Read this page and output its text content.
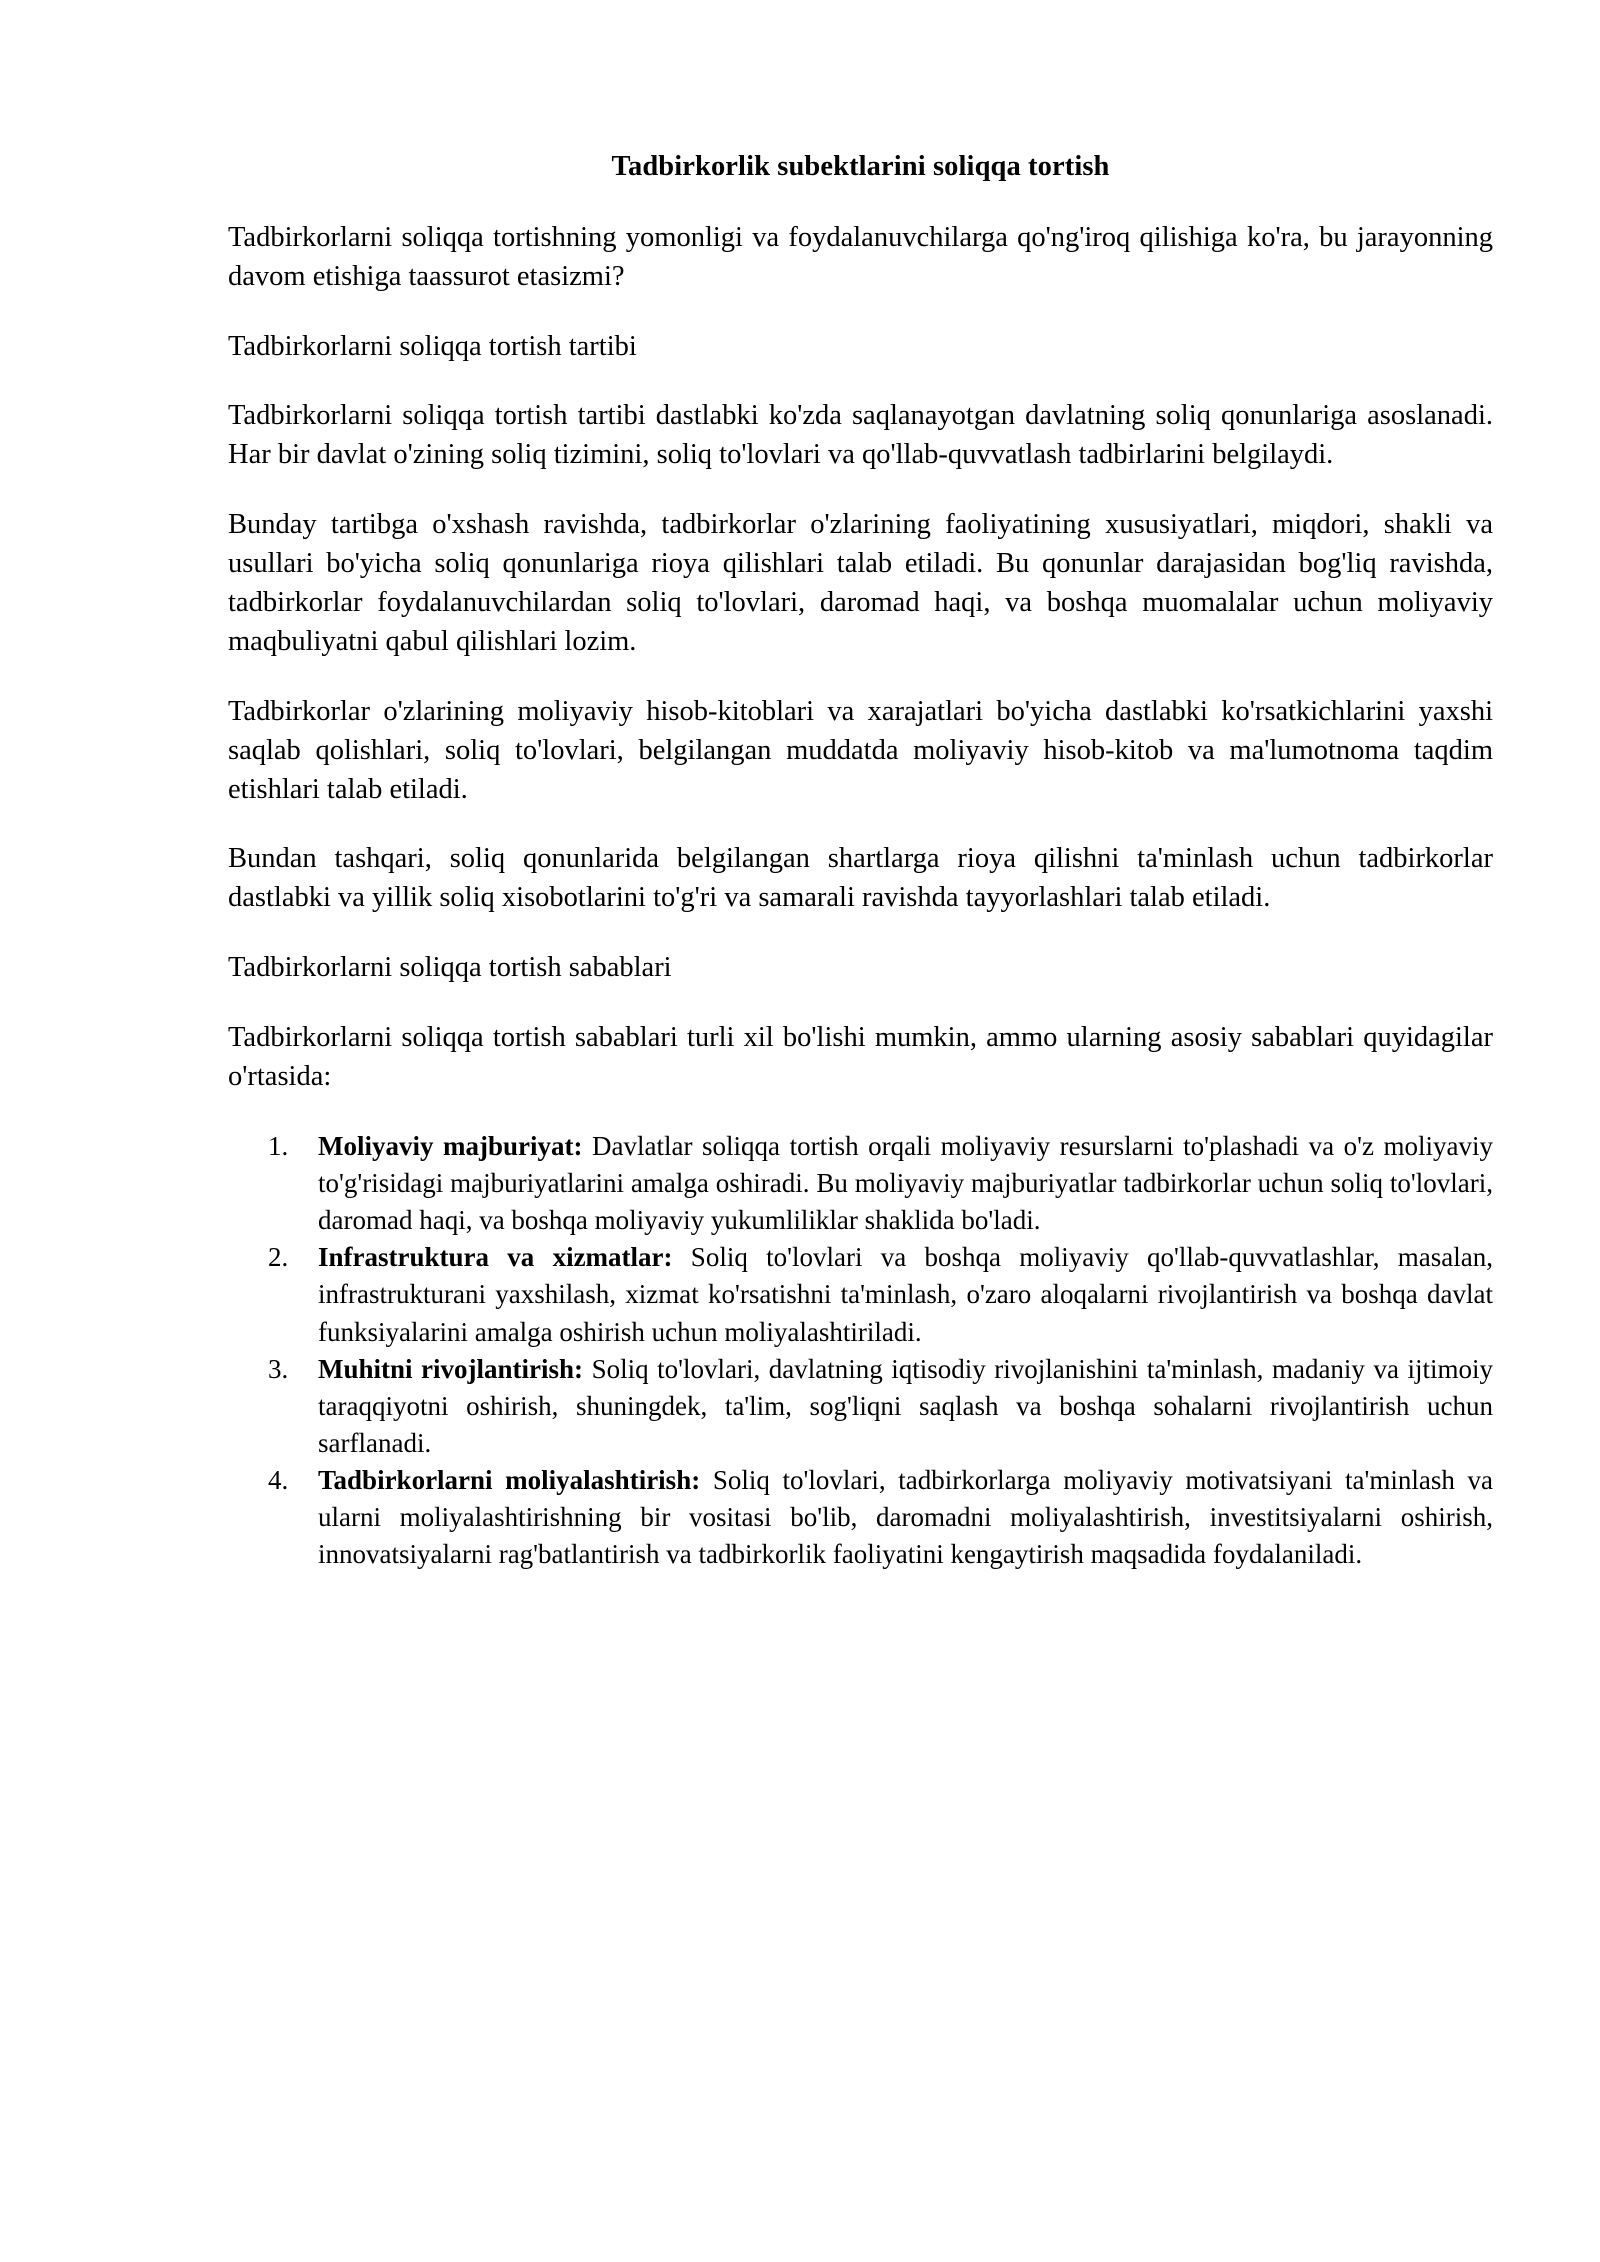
Tadbirkorlik subektlarini soliqqa tortish

Tadbirkorlarni soliqqa tortishning yomonligi va foydalanuvchilarga qo'ng'iroq qilishiga ko'ra, bu jarayonning davom etishiga taassurot etasizmi?

Tadbirkorlarni soliqqa tortish tartibi

Tadbirkorlarni soliqqa tortish tartibi dastlabki ko'zda saqlanayotgan davlatning soliq qonunlariga asoslanadi. Har bir davlat o'zining soliq tizimini, soliq to'lovlari va qo'llab-quvvatlash tadbirlarini belgilaydi.

Bunday tartibga o'xshash ravishda, tadbirkorlar o'zlarining faoliyatining xususiyatlari, miqdori, shakli va usullari bo'yicha soliq qonunlariga rioya qilishlari talab etiladi. Bu qonunlar darajasidan bog'liq ravishda, tadbirkorlar foydalanuvchilardan soliq to'lovlari, daromad haqi, va boshqa muomalalar uchun moliyaviy maqbuliyatni qabul qilishlari lozim.

Tadbirkorlar o'zlarining moliyaviy hisob-kitoblari va xarajatlari bo'yicha dastlabki ko'rsatkichlarini yaxshi saqlab qolishlari, soliq to'lovlari, belgilangan muddatda moliyaviy hisob-kitob va ma'lumotnoma taqdim etishlari talab etiladi.

Bundan tashqari, soliq qonunlarida belgilangan shartlarga rioya qilishni ta'minlash uchun tadbirkorlar dastlabki va yillik soliq xisobotlarini to'g'ri va samarali ravishda tayyorlashlari talab etiladi.

Tadbirkorlarni soliqqa tortish sabablari

Tadbirkorlarni soliqqa tortish sabablari turli xil bo'lishi mumkin, ammo ularning asosiy sabablari quyidagilar o'rtasida:

Moliyaviy majburiyat: Davlatlar soliqqa tortish orqali moliyaviy resurslarni to'plashadi va o'z moliyaviy to'g'risidagi majburiyatlarini amalga oshiradi. Bu moliyaviy majburiyatlar tadbirkorlar uchun soliq to'lovlari, daromad haqi, va boshqa moliyaviy yukumliliklar shaklida bo'ladi.
Infrastruktura va xizmatlar: Soliq to'lovlari va boshqa moliyaviy qo'llab-quvvatlashlar, masalan, infrastrukturani yaxshilash, xizmat ko'rsatishni ta'minlash, o'zaro aloqalarni rivojlantirish va boshqa davlat funksiyalarini amalga oshirish uchun moliyalashtiriladi.
Muhitni rivojlantirish: Soliq to'lovlari, davlatning iqtisodiy rivojlanishini ta'minlash, madaniy va ijtimoiy taraqqiyotni oshirish, shuningdek, ta'lim, sog'liqni saqlash va boshqa sohalarni rivojlantirish uchun sarflanadi.
Tadbirkorlarni moliyalashtirish: Soliq to'lovlari, tadbirkorlarga moliyaviy motivatsiyani ta'minlash va ularni moliyalashtirishning bir vositasi bo'lib, daromadni moliyalashtirish, investitsiyalarni oshirish, innovatsiyalarni rag'batlantirish va tadbirkorlik faoliyatini kengaytirish maqsadida foydalaniladi.
